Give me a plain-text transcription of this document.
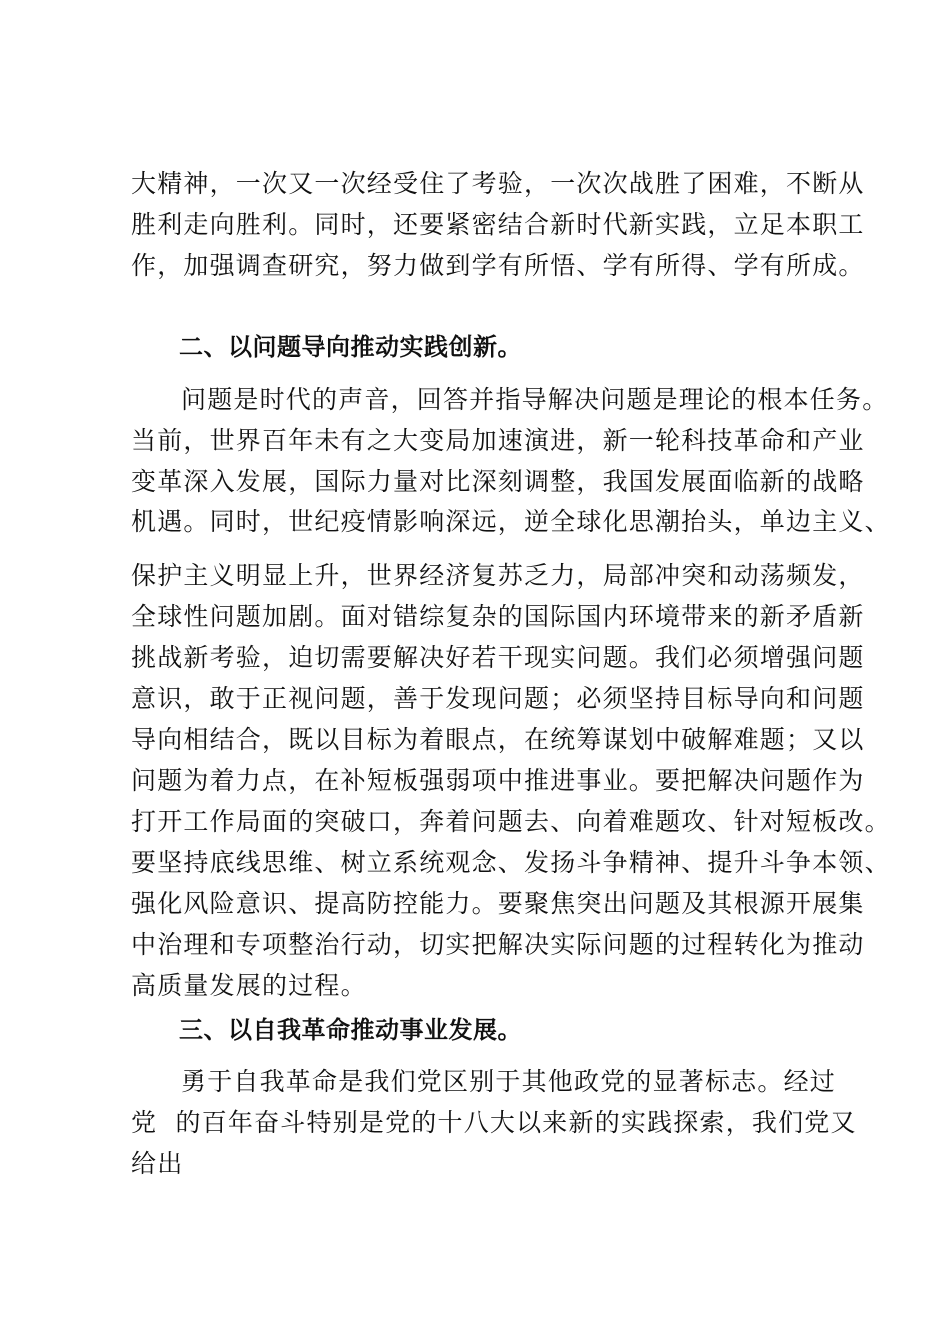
大精神，一次又一次经受住了考验，一次次战胜了困难，不断从
胜利走向胜利。同时，还要紧密结合新时代新实践，立足本职工
作，加强调查研究，努力做到学有所悟、学有所得、学有所成。
二、以问题导向推动实践创新。
问题是时代的声音，回答并指导解决问题是理论的根本任务。
当前，世界百年未有之大变局加速演进，新一轮科技革命和产业
变革深入发展，国际力量对比深刻调整，我国发展面临新的战略
机遇。同时，世纪疫情影响深远，逆全球化思潮抬头，单边主义、
保护主义明显上升，世界经济复苏乏力，局部冲突和动荡频发，
全球性问题加剧。面对错综复杂的国际国内环境带来的新矛盾新
挑战新考验，迫切需要解决好若干现实问题。我们必须增强问题
意识，敢于正视问题，善于发现问题；必须坚持目标导向和问题
导向相结合，既以目标为着眼点，在统筹谋划中破解难题；又以
问题为着力点，在补短板强弱项中推进事业。要把解决问题作为
打开工作局面的突破口，奔着问题去、向着难题攻、针对短板改。
要坚持底线思维、树立系统观念、发扬斗争精神、提升斗争本领、
强化风险意识、提高防控能力。要聚焦突出问题及其根源开展集
中治理和专项整治行动，切实把解决实际问题的过程转化为推动
高质量发展的过程。
三、以自我革命推动事业发展。
勇于自我革命是我们党区别于其他政党的显著标志。经过
党  的百年奋斗特别是党的十八大以来新的实践探索，我们党又
给出
